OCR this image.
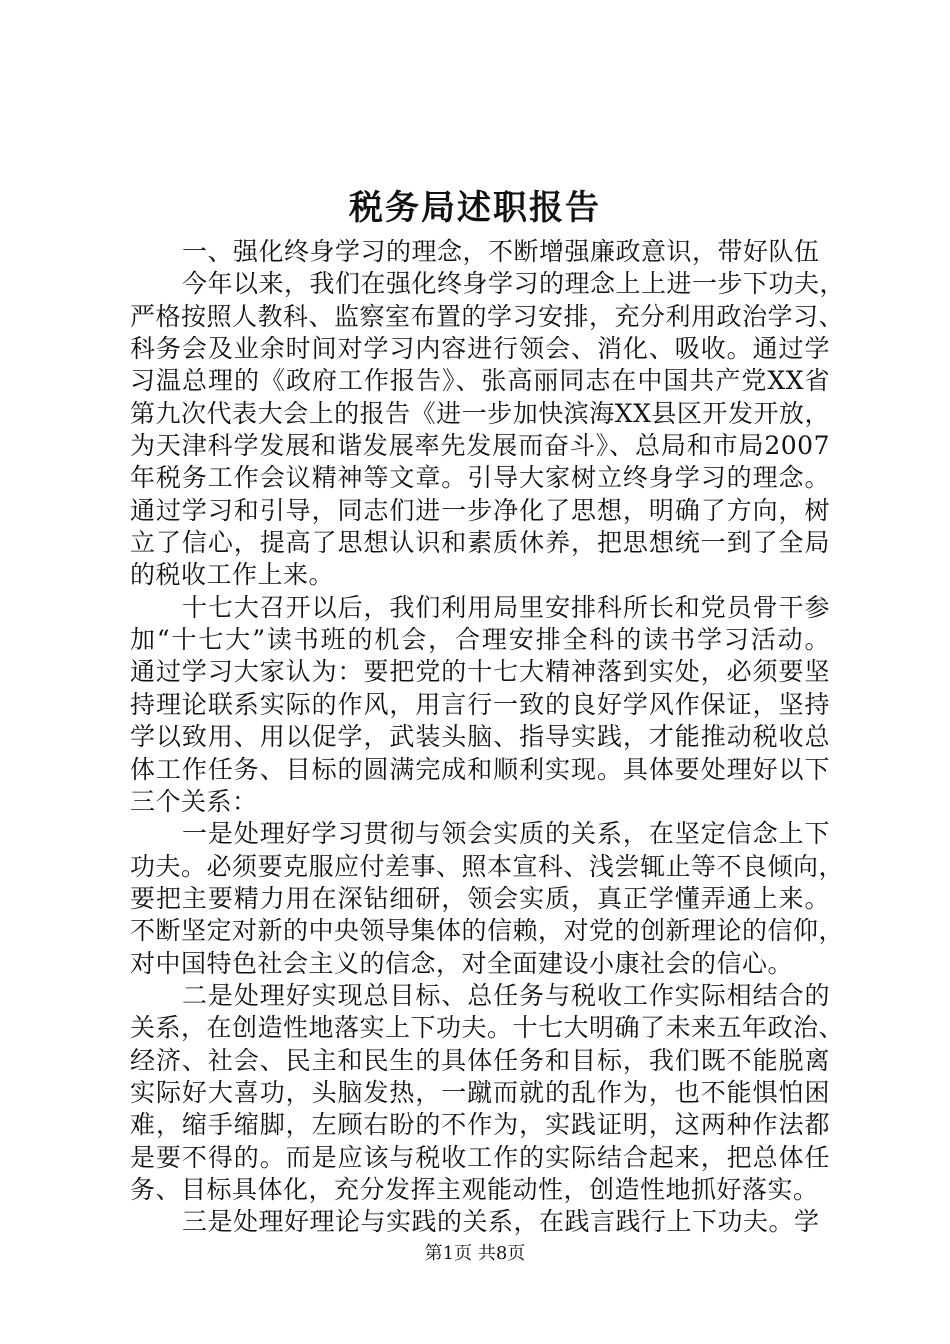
税务局述职报告
一、强化终身学习的理念，不断增强廉政意识，带好队伍
今年以来，我们在强化终身学习的理念上上进一步下功夫，
严格按照人教科、监察室布置的学习安排，充分利用政治学习、
科务会及业余时间对学习内容进行领会、消化、吸收。通过学
习温总理的《政府工作报告》、张高丽同志在中国共产党XX省
第九次代表大会上的报告《进一步加快滨海XX县区开发开放，
为天津科学发展和谐发展率先发展而奋斗》、总局和市局2007
年税务工作会议精神等文章。引导大家树立终身学习的理念。
通过学习和引导，同志们进一步净化了思想，明确了方向，树
立了信心，提高了思想认识和素质休养，把思想统一到了全局
的税收工作上来。
十七大召开以后，我们利用局里安排科所长和党员骨干参
加“十七大”读书班的机会，合理安排全科的读书学习活动。
通过学习大家认为：要把党的十七大精神落到实处，必须要坚
持理论联系实际的作风，用言行一致的良好学风作保证，坚持
学以致用、用以促学，武装头脑、指导实践，才能推动税收总
体工作任务、目标的圆满完成和顺利实现。具体要处理好以下
三个关系：
一是处理好学习贯彻与领会实质的关系，在坚定信念上下
功夫。必须要克服应付差事、照本宣科、浅尝辄止等不良倾向，
要把主要精力用在深钻细研，领会实质，真正学懂弄通上来。
不断坚定对新的中央领导集体的信赖，对党的创新理论的信仰，
对中国特色社会主义的信念，对全面建设小康社会的信心。
二是处理好实现总目标、总任务与税收工作实际相结合的
关系，在创造性地落实上下功夫。十七大明确了未来五年政治、
经济、社会、民主和民生的具体任务和目标，我们既不能脱离
实际好大喜功，头脑发热，一蹴而就的乱作为，也不能惧怕困
难，缩手缩脚，左顾右盼的不作为，实践证明，这两种作法都
是要不得的。而是应该与税收工作的实际结合起来，把总体任
务、目标具体化，充分发挥主观能动性，创造性地抓好落实。
三是处理好理论与实践的关系，在践言践行上下功夫。学
第1页 共8页
